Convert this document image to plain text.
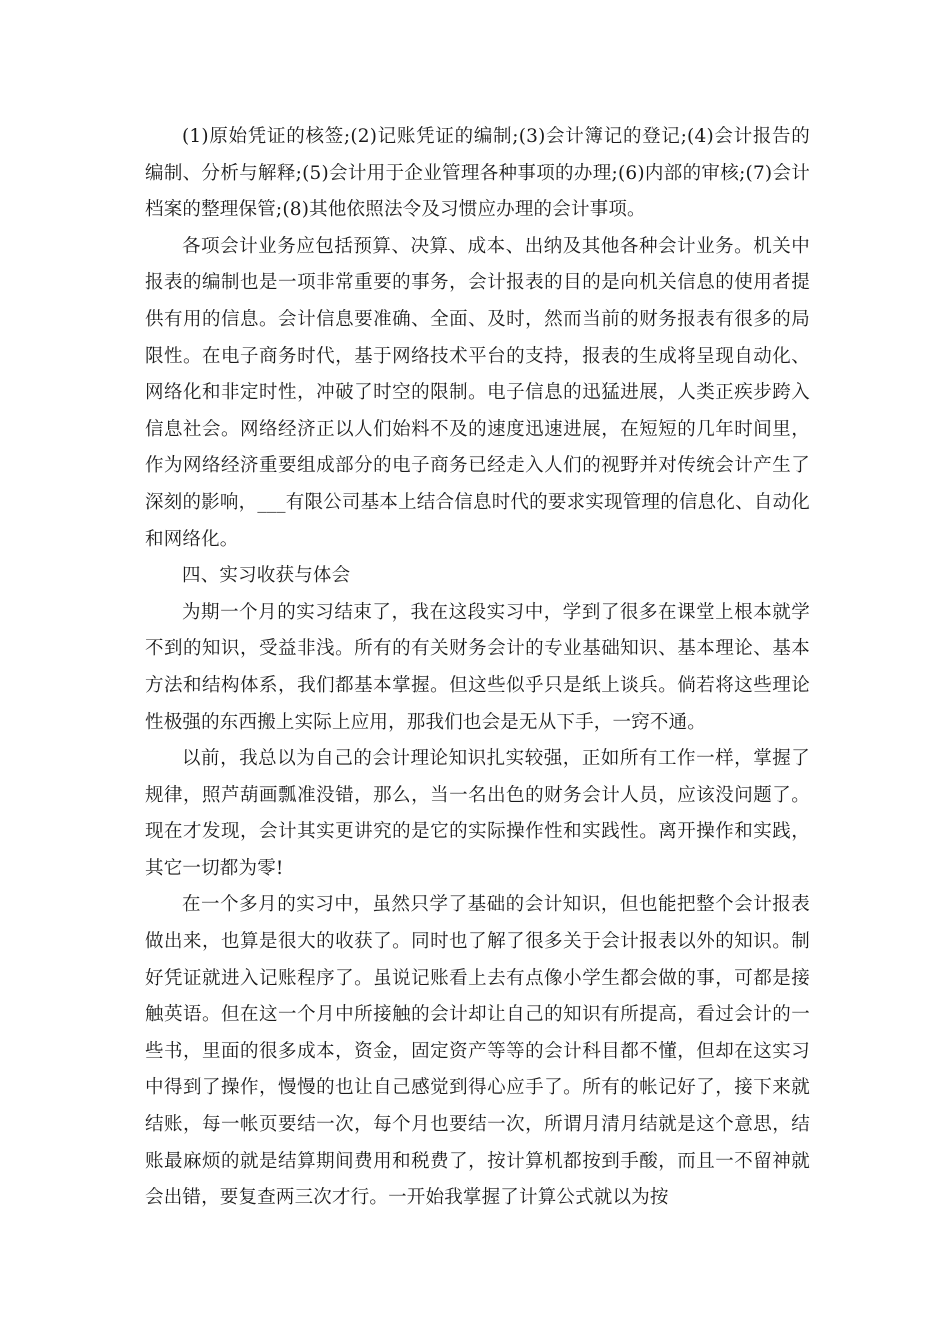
(1)原始凭证的核签;(2)记账凭证的编制;(3)会计簿记的登记;(4)会计报告的编制、分析与解释;(5)会计用于企业管理各种事项的办理;(6)内部的审核;(7)会计档案的整理保管;(8)其他依照法令及习惯应办理的会计事项。

各项会计业务应包括预算、决算、成本、出纳及其他各种会计业务。机关中报表的编制也是一项非常重要的事务，会计报表的目的是向机关信息的使用者提供有用的信息。会计信息要准确、全面、及时，然而当前的财务报表有很多的局限性。在电子商务时代，基于网络技术平台的支持，报表的生成将呈现自动化、网络化和非定时性，冲破了时空的限制。电子信息的迅猛进展，人类正疾步跨入信息社会。网络经济正以人们始料不及的速度迅速进展，在短短的几年时间里，作为网络经济重要组成部分的电子商务已经走入人们的视野并对传统会计产生了深刻的影响，___有限公司基本上结合信息时代的要求实现管理的信息化、自动化和网络化。

四、实习收获与体会

为期一个月的实习结束了，我在这段实习中，学到了很多在课堂上根本就学不到的知识，受益非浅。所有的有关财务会计的专业基础知识、基本理论、基本方法和结构体系，我们都基本掌握。但这些似乎只是纸上谈兵。倘若将这些理论性极强的东西搬上实际上应用，那我们也会是无从下手，一窍不通。

以前，我总以为自己的会计理论知识扎实较强，正如所有工作一样，掌握了规律，照芦葫画瓢准没错，那么，当一名出色的财务会计人员，应该没问题了。现在才发现，会计其实更讲究的是它的实际操作性和实践性。离开操作和实践，其它一切都为零!

在一个多月的实习中，虽然只学了基础的会计知识，但也能把整个会计报表做出来，也算是很大的收获了。同时也了解了很多关于会计报表以外的知识。制好凭证就进入记账程序了。虽说记账看上去有点像小学生都会做的事，可都是接触英语。但在这一个月中所接触的会计却让自己的知识有所提高，看过会计的一些书，里面的很多成本，资金，固定资产等等的会计科目都不懂，但却在这实习中得到了操作，慢慢的也让自己感觉到得心应手了。所有的帐记好了，接下来就结账，每一帐页要结一次，每个月也要结一次，所谓月清月结就是这个意思，结账最麻烦的就是结算期间费用和税费了，按计算机都按到手酸，而且一不留神就会出错，要复查两三次才行。一开始我掌握了计算公式就以为按
